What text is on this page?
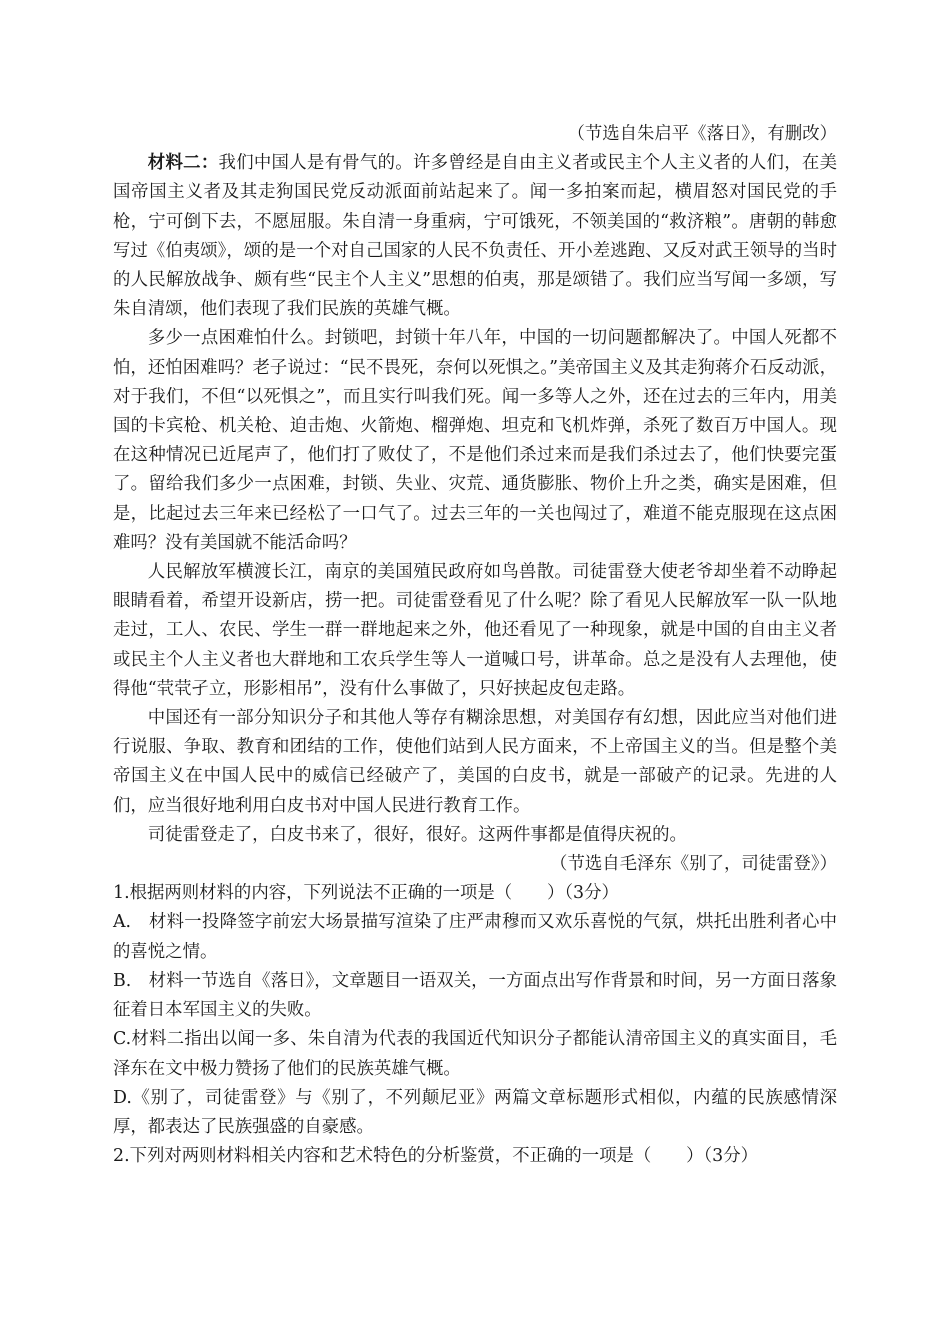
（节选自朱启平《落日》，有删改）

材料二：我们中国人是有骨气的。许多曾经是自由主义者或民主个人主义者的人们，在美国帝国主义者及其走狗国民党反动派面前站起来了。闻一多拍案而起，横眉怒对国民党的手枪，宁可倒下去，不愿屈服。朱自清一身重病，宁可饿死，不领美国的“救济粮”。唐朝的韩愈写过《伯夷颂》，颂的是一个对自己国家的人民不负责任、开小差逃跑、又反对武王领导的当时的人民解放战争、颇有些“民主个人主义”思想的伯夷，那是颂错了。我们应当写闻一多颂，写朱自清颂，他们表现了我们民族的英雄气概。

多少一点困难怕什么。封锁吧，封锁十年八年，中国的一切问题都解决了。中国人死都不怕，还怕困难吗？老子说过：“民不畏死，奈何以死惧之。”美帝国主义及其走狗蒋介石反动派，对于我们，不但“以死惧之”，而且实行叫我们死。闻一多等人之外，还在过去的三年内，用美国的卡宾枪、机关枪、迫击炮、火箭炮、榴弹炮、坦克和飞机炸弹，杀死了数百万中国人。现在这种情况已近尾声了，他们打了败仗了，不是他们杀过来而是我们杀过去了，他们快要完蛋了。留给我们多少一点困难，封锁、失业、灾荒、通货膨胀、物价上升之类，确实是困难，但是，比起过去三年来已经松了一口气了。过去三年的一关也闯过了，难道不能克服现在这点困难吗？没有美国就不能活命吗？

人民解放军横渡长江，南京的美国殖民政府如鸟兽散。司徒雷登大使老爷却坐着不动睁起眼睛看着，希望开设新店，捞一把。司徒雷登看见了什么呢？除了看见人民解放军一队一队地走过，工人、农民、学生一群一群地起来之外，他还看见了一种现象，就是中国的自由主义者或民主个人主义者也大群地和工农兵学生等人一道喊口号，讲革命。总之是没有人去理他，使得他“茕茕孑立，形影相吊”，没有什么事做了，只好挟起皮包走路。

中国还有一部分知识分子和其他人等存有糊涂思想，对美国存有幻想，因此应当对他们进行说服、争取、教育和团结的工作，使他们站到人民方面来，不上帝国主义的当。但是整个美帝国主义在中国人民中的威信已经破产了，美国的白皮书，就是一部破产的记录。先进的人们，应当很好地利用白皮书对中国人民进行教育工作。

司徒雷登走了，白皮书来了，很好，很好。这两件事都是值得庆祝的。

（节选自毛泽东《别了，司徒雷登》）

1.根据两则材料的内容，下列说法不正确的一项是（　　）（3分）

A.　材料一投降签字前宏大场景描写渲染了庄严肃穆而又欢乐喜悦的气氛，烘托出胜利者心中的喜悦之情。

B.　材料一节选自《落日》，文章题目一语双关，一方面点出写作背景和时间，另一方面日落象征着日本军国主义的失败。

C.材料二指出以闻一多、朱自清为代表的我国近代知识分子都能认清帝国主义的真实面目，毛泽东在文中极力赞扬了他们的民族英雄气概。

D.《别了，司徒雷登》与《别了，不列颠尼亚》两篇文章标题形式相似，内蕴的民族感情深厚，都表达了民族强盛的自豪感。

2.下列对两则材料相关内容和艺术特色的分析鉴赏，不正确的一项是（　　）（3分）
